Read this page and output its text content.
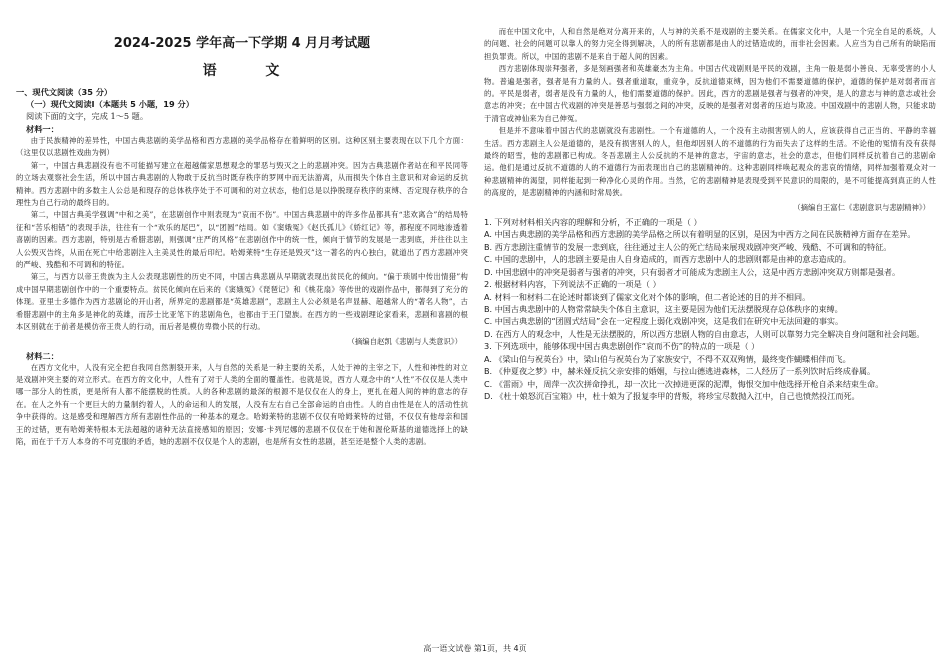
2024-2025 学年高一下学期 4 月月考试题
语 文

一、现代文阅读（35 分）

（一）现代文阅读Ⅰ（本题共 5 小题，19 分）

阅读下面的文字，完成 1～5 题。

材料一：

由于民族精神的差异性，中国古典悲剧的美学品格和西方悲剧的美学品格存在着鲜明的区别。这种区别主要表现在以下几个方面：（这里仅以悲剧性戏曲为例）

第一，中国古典悲剧没有也不可能描写建立在超越儒家思想观念的罪恶与毁灭之上的悲剧冲突。因为古典悲剧作者站在和平民同等的立场去观察社会生活，所以中国古典悲剧的人物敢于反抗当时既存秩序的罗网中而无法游离，从而损失个体自主意识和对命运的反抗精神。西方悲剧中的多数主人公总是和现存的总体秩序处于不可调和的对立状态，他们总是以挣脱现存秩序的束缚、否定现存秩序的合理性为自己行动的最终目的。

第二，中国古典美学强调“中和之美”，在悲剧创作中则表现为“哀而不伤”。中国古典悲剧中的许多作品都具有“悲欢离合”的结局特征和“苦乐相错”的表现手法，往往有一个“欢乐的尾巴”，以“团圆”结局。如《窦娥冤》《赵氏孤儿》《娇红记》等，都程度不同地渗透着喜剧的因素。西方悲剧，特别是古希腊悲剧，则强调“庄严的风格”在悲剧创作中的统一性，倾向于情节的发展是一悲到底，并往往以主人公毁灭告终，从而在死亡中给悲剧注入主美灵性的最后印纪。哈姆莱特“生存还是毁灭”这一著名的内心独白，就道出了西方悲剧冲突的严峻、残酷和不可调和的特征。

第三，与西方以帝王贵族为主人公表现悲剧性的历史不同，中国古典悲剧从早期就表现出贫民化的倾向。“偏于琐屑中传出情猎”构成中国早期悲剧创作中的一个重要特点。贫民化倾向在后来的《窦娥冤》《琵琶记》和《桃花扇》等传世的戏剧作品中，都得到了充分的体现。亚里士多德作为西方悲剧论的开山者，所界定的悲剧都是“英雄悲剧”，悲剧主人公必须是名声显赫、超越常人的“著名人物”，古希腊悲剧中的主角多是神化的英雄，而莎士比亚笔下的悲剧角色，也都由于王门望族。在西方的一些戏剧理论家看来，悲剧和喜剧的根本区别就在于前者是模仿帝王贵人的行动，而后者是模仿卑微小民的行动。

（摘编自赵凯《悲剧与人类意识》）

材料二：

在西方文化中，人没有完全把自我同自然割裂开来，人与自然的关系是一种主要的关系，人处于神的主宰之下，人性和神性的对立是戏剧冲突主要的对立形式。在西方的文化中，人性有了对于人类的全面的覆盖性。也就是说，西方人观念中的“人性”不仅仅是人类中哪一部分人的性质，更是所有人都不能摆脱的性质。人的各种悲剧的最深的根源不是仅仅在人的身上，更扎在超人间的神的意志的存在。在人之外有一个更巨大的力量制约着人，人的命运和人的发展，人没有左右自己全部命运的自由性。人的自由性是在人的活动性抗争中获得的。这是感受和理解西方所有悲剧性作品的一种基本的观念。哈姆莱特的悲剧不仅仅有哈姆莱特的过错，不仅仅有他母亲和国王的过错，更有哈姆莱特根本无法超越的诸种无法直接感知的原因；安娜·卡列尼娜的悲剧不仅仅在于她和渥伦斯基的道德选择上的缺陷，而在于千万人本身的不可克服的矛盾，她的悲剧不仅仅是个人的悲剧，也是所有女性的悲剧，甚至还是整个人类的悲剧。

而在中国文化中，人和自然是绝对分离开来的，人与神的关系不是戏剧的主要关系。在儒家文化中，人是一个完全自足的系统，人的问题、社会的问题可以靠人的努力完全得到解决，人的所有悲剧都是由人的过错造成的，而非社会因素。人应当为自己所有的缺陷而担负罪责。所以，中国的悲剧不是来自于超人间的因素。

西方悲剧体现崇拜强者，多是刻画强者和英雄豪杰为主角。中国古代戏剧则是平民的戏剧，主角一般是弱小善良、无辜受害的小人物。普遍是强者，强者是有力量的人。强者重道取，重竞争，反抗道德束缚，因为他们不需要道德的保护，道德的保护是对弱者而言的。平民是弱者，弱者是没有力量的人，他们需要道德的保护。因此，西方的悲剧是强者与强者的冲突，是人的意志与神的意志或社会意志的冲突；在中国古代戏剧的冲突是善恶与强弱之间的冲突，反映的是强者对弱者的压迫与欺凌。中国戏剧中的悲剧人物，只能求助于清官或神仙来为自己伸冤。

但是并不意味着中国古代的悲剧就没有悲剧性。一个有道德的人，一个没有主动损害别人的人，应该获得自己正当的、平静的幸福生活。西方悲剧主人公是道德的，是没有损害别人的人，但他却因别人的不道德的行为而失去了这样的生活。不论他的冤情有没有获得最终的昭雪，他的悲剧都已构成。冬吾悲剧主人公反抗的不是神的意志，宇宙的意志，社会的意志，但他们同样反抗着自己的悲剧命运。他们是通过反抗不道德的人的不道德行为而表现出自己的悲剧精神的。这种悲剧同样唤起观众的悲哀的情绪，同样加强着观众对一种悲剧精神的渴望，同样能起到一种净化心灵的作用。当然，它的悲剧精神是表现受到平民意识的局限的，是不可能提高到真正的人性的高度的，是悲剧精神的内涵和时常局狭。

（摘编自王富仁《悲剧意识与悲剧精神》）

1. 下列对材料相关内容的理解和分析，不正确的一项是（ ）

A. 中国古典悲剧的美学品格和西方悲剧的美学品格之所以有着明显的区别，是因为中西方之间在民族精神方面存在差异。

B. 西方悲剧注重情节的发展一悲到底，往往通过主人公的死亡结局来展现戏剧冲突严峻、残酷、不可调和的特征。

C. 中国的悲剧中，人的悲剧主要是由人自身造成的，而西方悲剧中人的悲剧则都是由神的意志造成的。

D. 中国悲剧中的冲突是弱者与强者的冲突，只有弱者才可能成为悲剧主人公，这是中西方悲剧冲突双方则都是强者。

2. 根据材料内容，下列说法不正确的一项是（ ）

A. 材料一和材料二在论述时都谈到了儒家文化对个体的影响，但二者论述的目的并不相同。

B. 中国古典悲剧中的人物常常缺失个体自主意识，这主要是因为他们无法摆脱现存总体秩序的束缚。

C. 中国古典悲剧的“团圆式结局”会在一定程度上弱化戏剧冲突，这是我们在研究中无法回避的事实。

D. 在西方人的观念中，人性是无法摆脱的，所以西方悲剧人物的自由意志，人则可以靠努力完全解决自身问题和社会问题。

3. 下列选项中，能够体现中国古典悲剧创作“哀而不伤”的特点的一项是（ ）

A. 《梁山伯与祝英台》中，梁山伯与祝英台为了家族安宁，不得不双双殉情，最终变作蝴蝶相伴而飞。

B. 《仲夏夜之梦》中，赫米娅反抗父亲安排的婚姻，与拉山德逃进森林，二人经历了一系列饮时后终成眷属。

C. 《雷雨》中，周萍一次次拼命挣扎，却一次比一次掉进更深的泥潭，悔恨交加中他选择开枪自杀来结束生命。

D. 《杜十娘怒沉百宝箱》中，杜十娘为了报复李甲的背叛，将珍宝尽数抛入江中，自己也愤然投江而死。

高一语文试卷 第1页，共 4页
